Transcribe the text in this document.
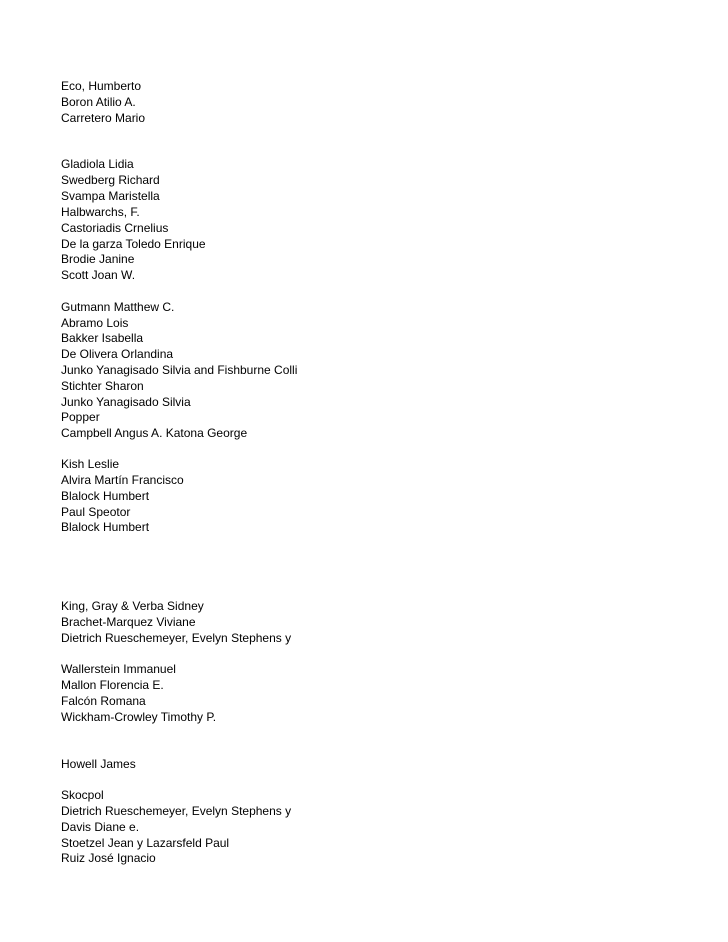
Eco, Humberto
Boron Atilio A.
Carretero Mario
Gladiola Lidia
Swedberg Richard
Svampa Maristella
Halbwarchs, F.
Castoriadis Crnelius
De la garza Toledo Enrique
Brodie Janine
Scott Joan W.
Gutmann Matthew C.
Abramo Lois
Bakker Isabella
De Olivera Orlandina
Junko Yanagisado Silvia and Fishburne Colli
Stichter Sharon
Junko Yanagisado Silvia
Popper
Campbell Angus A. Katona George
Kish Leslie
Alvira Martín Francisco
Blalock Humbert
Paul Speotor
Blalock Humbert
King, Gray & Verba Sidney
Brachet-Marquez Viviane
Dietrich Rueschemeyer, Evelyn Stephens y
Wallerstein Immanuel
Mallon Florencia E.
Falcón Romana
Wickham-Crowley Timothy P.
Howell James
Skocpol
Dietrich Rueschemeyer, Evelyn Stephens y
Davis Diane e.
Stoetzel Jean y Lazarsfeld Paul
Ruiz José Ignacio
